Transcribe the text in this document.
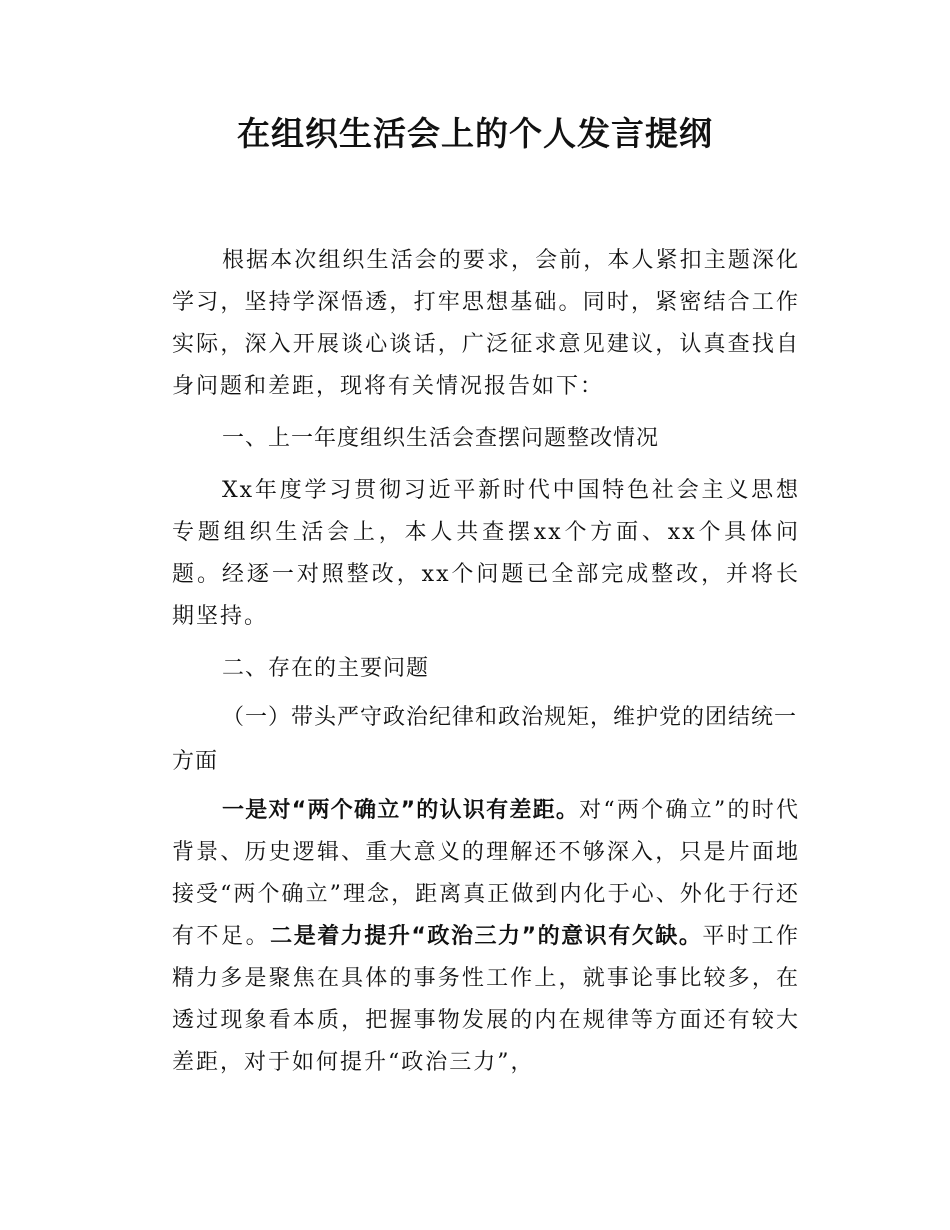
在组织生活会上的个人发言提纲

根据本次组织生活会的要求，会前，本人紧扣主题深化学习，坚持学深悟透，打牢思想基础。同时，紧密结合工作实际，深入开展谈心谈话，广泛征求意见建议，认真查找自身问题和差距，现将有关情况报告如下：

一、上一年度组织生活会查摆问题整改情况

Xx年度学习贯彻习近平新时代中国特色社会主义思想专题组织生活会上，本人共查摆xx个方面、xx个具体问题。经逐一对照整改，xx个问题已全部完成整改，并将长期坚持。

二、存在的主要问题

（一）带头严守政治纪律和政治规矩，维护党的团结统一方面

一是对“两个确立”的认识有差距。对“两个确立”的时代背景、历史逻辑、重大意义的理解还不够深入，只是片面地接受“两个确立”理念，距离真正做到内化于心、外化于行还有不足。二是着力提升“政治三力”的意识有欠缺。平时工作精力多是聚焦在具体的事务性工作上，就事论事比较多，在透过现象看本质，把握事物发展的内在规律等方面还有较大差距，对于如何提升“政治三力”，
